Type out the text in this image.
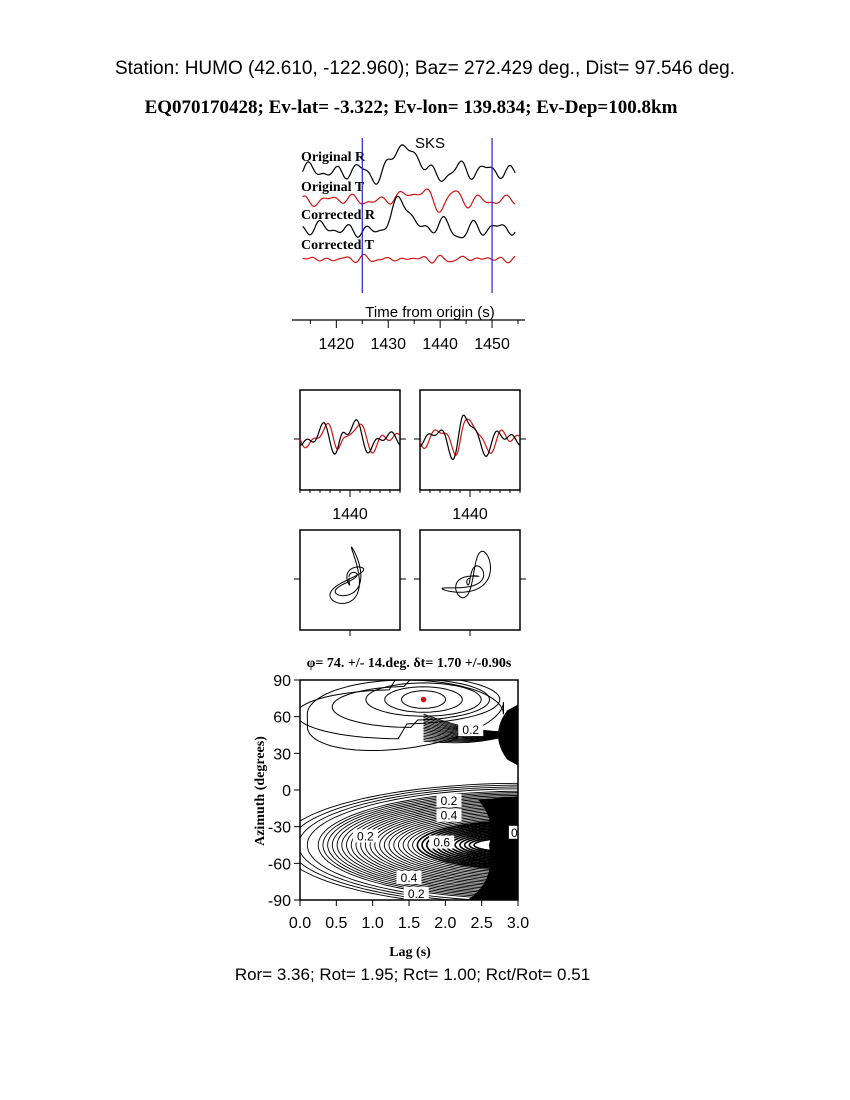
Station: HUMO (42.610, -122.960); Baz= 272.429 deg., Dist= 97.546 deg.
EQ070170428; Ev-lat= -3.322; Ev-lon= 139.834; Ev-Dep=100.8km
SKS
Original R
Original T
Corrected R
Corrected T
Time from origin (s)
1420 1430 1440 1450
1440	1440
φ= 74. +/- 14.deg. δt= 1.70 +/-0.90s
0.2
0.2
0.4
0.2	0.6
0.4
0.2
0
0.0 0.5 1.0 1.5 2.0 2.5 3.0
90
60
30
0
-30
-60
-90
Lag (s)
Azimuth (degrees)
Ror= 3.36; Rot= 1.95; Rct= 1.00; Rct/Rot= 0.51
